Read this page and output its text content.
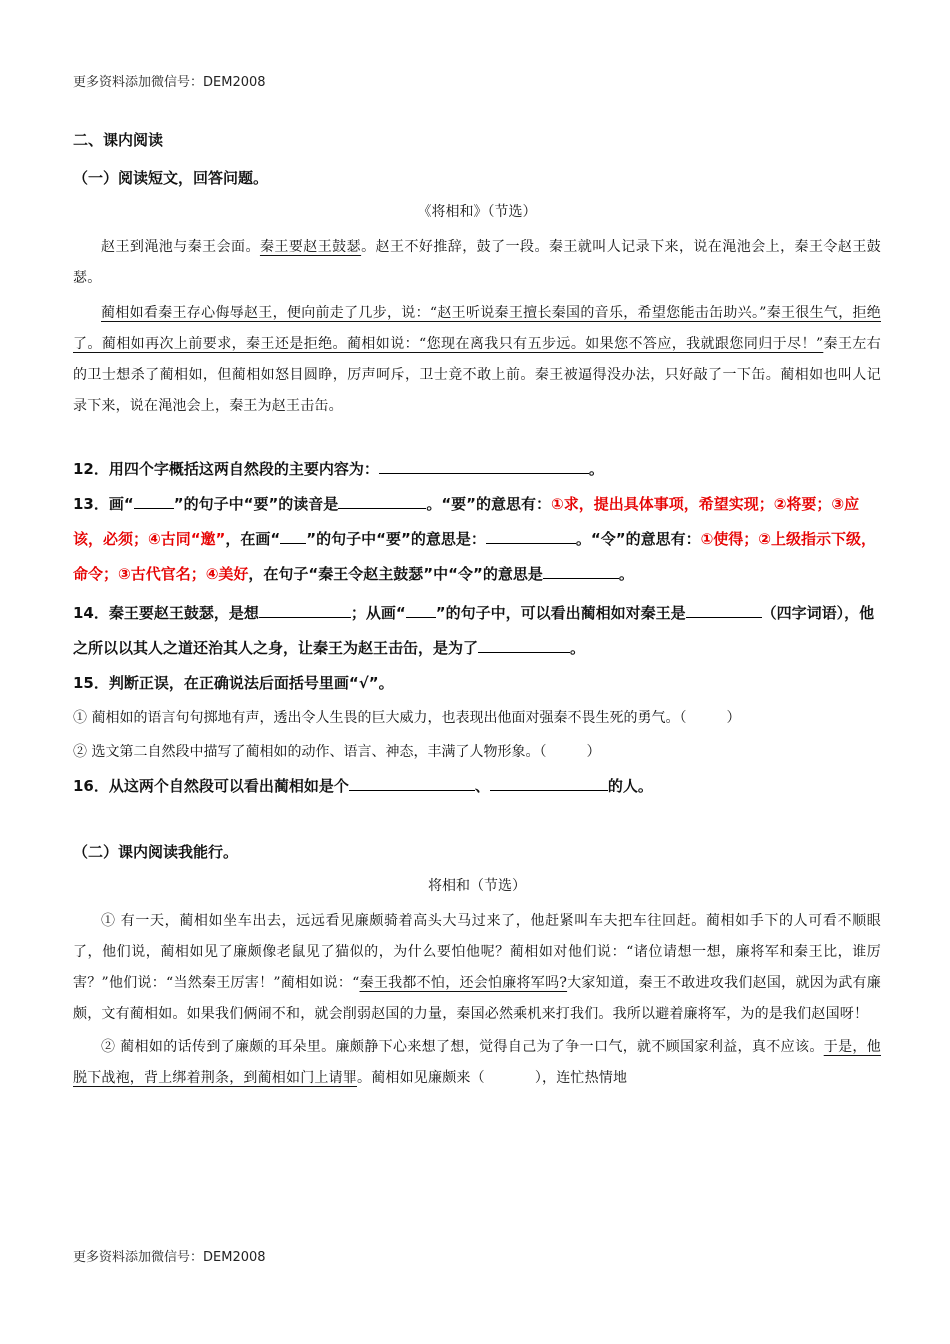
更多资料添加微信号：DEM2008

二、课内阅读

（一）阅读短文，回答问题。

《将相和》（节选）

赵王到渑池与秦王会面。秦王要赵王鼓瑟。赵王不好推辞，鼓了一段。秦王就叫人记录下来，说在渑池会上，秦王令赵王鼓瑟。

蔺相如看秦王存心侮辱赵王，便向前走了几步，说：“赵王听说秦王擅长秦国的音乐，希望您能击缶助兴。”秦王很生气，拒绝了。蔺相如再次上前要求，秦王还是拒绝。蔺相如说：“您现在离我只有五步远。如果您不答应，我就跟您同归于尽！”秦王左右的卫士想杀了蔺相如，但蔺相如怒目圆睁，厉声呵斥，卫士竟不敢上前。秦王被逼得没办法，只好敲了一下缶。蔺相如也叫人记录下来，说在渑池会上，秦王为赵王击缶。

12．用四个字概括这两自然段的主要内容为：	。

13．画“	”的句子中“要”的读音是	。“要”的意思有：①求，提出具体事项，希望实现；②将要；③应该，必须；④古同“邀”，在画“ ”的句子中“要”的意思是：	。“令”的意思有：①使得；②上级指示下级，命令；③古代官名；④美好，在句子“秦王令赵主鼓瑟”中“令”的意思是	。

14．秦王要赵王鼓瑟，是想	；从画“ ”的句子中，可以看出蔺相如对秦王是	（四字词语），他之所以以其人之道还治其人之身，让秦王为赵王击缶，是为了	。

15．判断正误，在正确说法后面括号里画“√”。

① 蔺相如的语言句句掷地有声，透出令人生畏的巨大威力，也表现出他面对强秦不畏生死的勇气。（	）

② 选文第二自然段中描写了蔺相如的动作、语言、神态，丰满了人物形象。（	）

16．从这两个自然段可以看出蔺相如是个	、	的人。

（二）课内阅读我能行。

将相和（节选）

① 有一天，蔺相如坐车出去，远远看见廉颇骑着高头大马过来了，他赶紧叫车夫把车往回赶。蔺相如手下的人可看不顺眼了，他们说，蔺相如见了廉颇像老鼠见了猫似的，为什么要怕他呢？蔺相如对他们说：“诸位请想一想，廉将军和秦王比，谁厉害？”他们说：“当然秦王厉害！”蔺相如说：“秦王我都不怕，还会怕廉将军吗?大家知道，秦王不敢进攻我们赵国，就因为武有廉颇，文有蔺相如。如果我们俩闹不和，就会削弱赵国的力量，秦国必然乘机来打我们。我所以避着廉将军，为的是我们赵国呀！

② 蔺相如的话传到了廉颇的耳朵里。廉颇静下心来想了想，觉得自己为了争一口气，就不顾国家利益，真不应该。于是，他脱下战袍，背上绑着荆条，到蔺相如门上请罪。蔺相如见廉颇来（	），连忙热情地

更多资料添加微信号：DEM2008
